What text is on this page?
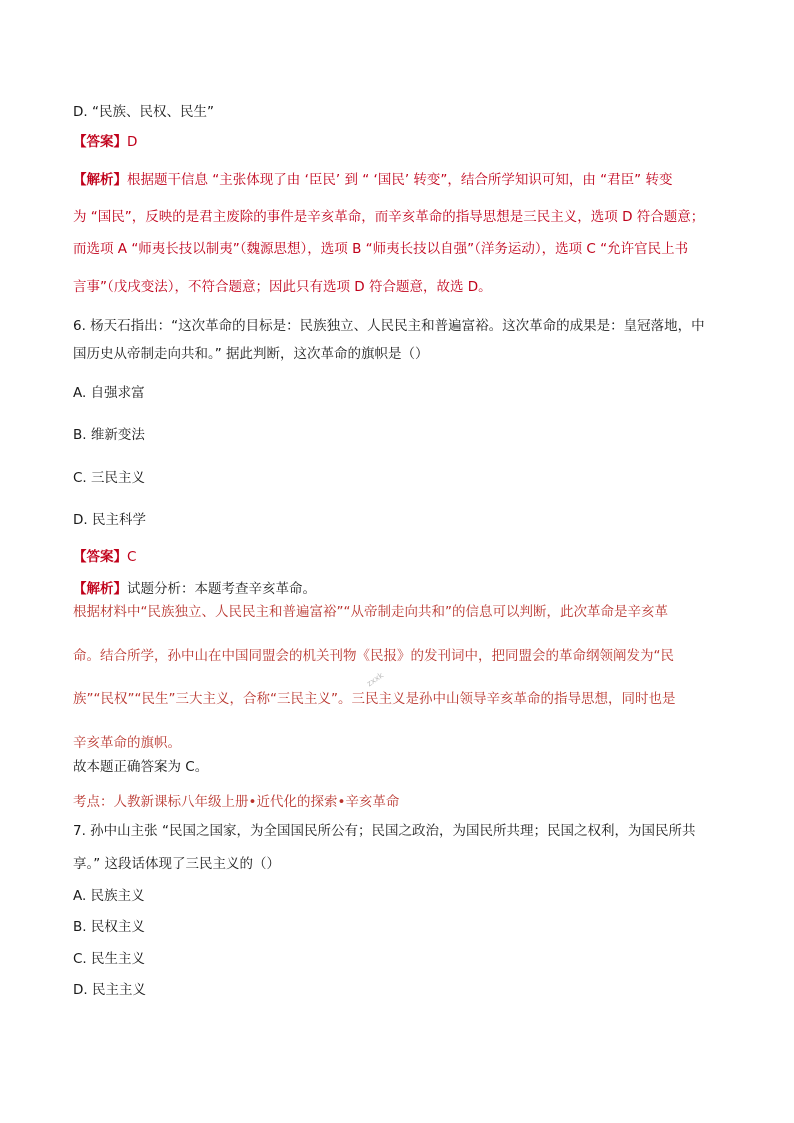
D. “民族、民权、民生”
【答案】D
【解析】根据题干信息 “主张体现了由 ‘臣民’ 到 “ ‘国民’ 转变”，结合所学知识可知，由 “君臣” 转变
为 “国民”，反映的是君主废除的事件是辛亥革命，而辛亥革命的指导思想是三民主义，选项 D 符合题意；
而选项 A “师夷长技以制夷”（魏源思想），选项 B “师夷长技以自强”（洋务运动），选项 C “允许官民上书
言事”（戊戌变法），不符合题意；因此只有选项 D 符合题意，故选 D。
6. 杨天石指出：“这次革命的目标是：民族独立、人民民主和普遍富裕。这次革命的成果是：皇冠落地，中
国历史从帝制走向共和。” 据此判断，这次革命的旗帜是（）
A. 自强求富
B. 维新变法
C. 三民主义
D. 民主科学
【答案】C
【解析】试题分析：本题考查辛亥革命。
根据材料中“民族独立、人民民主和普遍富裕”“从帝制走向共和”的信息可以判断，此次革命是辛亥革
命。结合所学，孙中山在中国同盟会的机关刊物《民报》的发刊词中，把同盟会的革命纲领阐发为“民
族”“民权”“民生”三大主义，合称“三民主义”。三民主义是孙中山领导辛亥革命的指导思想，同时也是
辛亥革命的旗帜。
故本题正确答案为 C。
考点：人教新课标八年级上册•近代化的探索•辛亥革命
7. 孙中山主张 “民国之国家，为全国国民所公有；民国之政治，为国民所共理；民国之权利，为国民所共
享。” 这段话体现了三民主义的（）
A. 民族主义
B. 民权主义
C. 民生主义
D. 民主主义
zxxk
